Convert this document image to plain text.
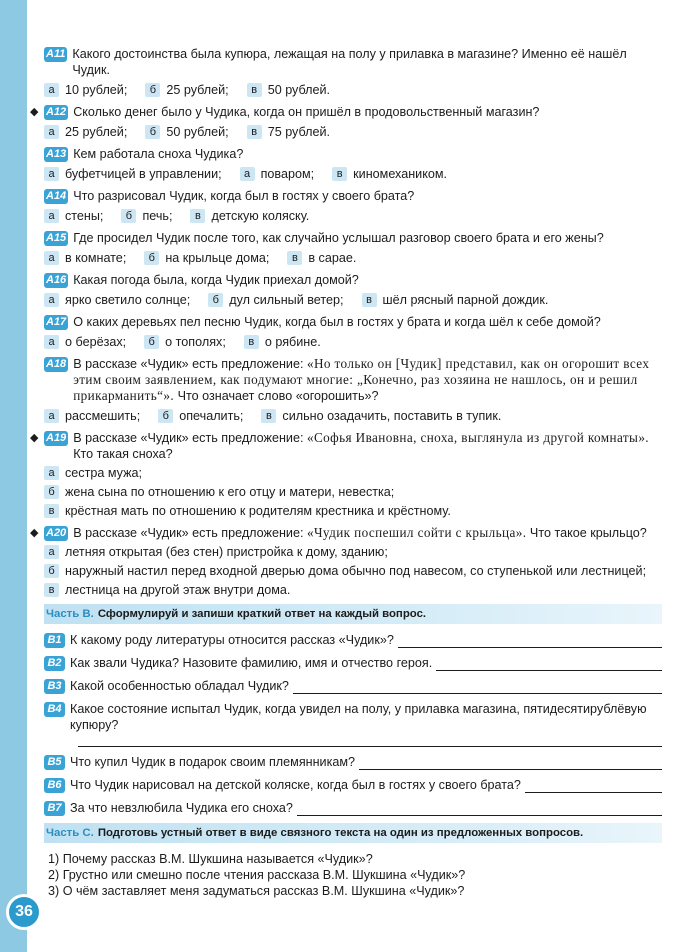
36
А11 Какого достоинства была купюра, лежащая на полу у прилавка в магазине? Именно её нашёл Чудик.
а 10 рублей;	б 25 рублей;	в 50 рублей.
◆ А12 Сколько денег было у Чудика, когда он пришёл в продовольственный магазин?
а 25 рублей;	б 50 рублей;	в 75 рублей.
А13 Кем работала сноха Чудика?
а буфетчицей в управлении;	а поваром;	в киномехаником.
А14 Что разрисовал Чудик, когда был в гостях у своего брата?
а стены;	б печь;	в детскую коляску.
А15 Где просидел Чудик после того, как случайно услышал разговор своего брата и его жены?
а в комнате;	б на крыльце дома;	в в сарае.
А16 Какая погода была, когда Чудик приехал домой?
а ярко светило солнце;	б дул сильный ветер;	в шёл рясный парной дождик.
А17 О каких деревьях пел песню Чудик, когда был в гостях у брата и когда шёл к себе домой?
а о берёзах;	б о тополях;	в о рябине.
А18 В рассказе «Чудик» есть предложение: «Но только он [Чудик] представил, как он огорошит всех этим своим заявлением, как подумают многие: „Конечно, раз хозяина не нашлось, он и решил прикарманить“». Что означает слово «огорошить»?
а рассмешить;	б опечалить;	в сильно озадачить, поставить в тупик.
◆ А19 В рассказе «Чудик» есть предложение: «Софья Ивановна, сноха, выглянула из другой комнаты». Кто такая сноха?
а сестра мужа;
б жена сына по отношению к его отцу и матери, невестка;
в крёстная мать по отношению к родителям крестника и крёстному.
◆ А20 В рассказе «Чудик» есть предложение: «Чудик поспешил сойти с крыльца». Что такое крыльцо?
а летняя открытая (без стен) пристройка к дому, зданию;
б наружный настил перед входной дверью дома обычно под навесом, со ступенькой или лестницей;
в лестница на другой этаж внутри дома.
Часть В. Сформулируй и запиши краткий ответ на каждый вопрос.
В1 К какому роду литературы относится рассказ «Чудик»?
В2 Как звали Чудика? Назовите фамилию, имя и отчество героя.
В3 Какой особенностью обладал Чудик?
В4 Какое состояние испытал Чудик, когда увидел на полу, у прилавка магазина, пятидесятирублёвую купюру?
В5 Что купил Чудик в подарок своим племянникам?
В6 Что Чудик нарисовал на детской коляске, когда был в гостях у своего брата?
В7 За что невзлюбила Чудика его сноха?
Часть С. Подготовь устный ответ в виде связного текста на один из предложенных вопросов.
1) Почему рассказ В.М. Шукшина называется «Чудик»?
2) Грустно или смешно после чтения рассказа В.М. Шукшина «Чудик»?
3) О чём заставляет меня задуматься рассказ В.М. Шукшина «Чудик»?
